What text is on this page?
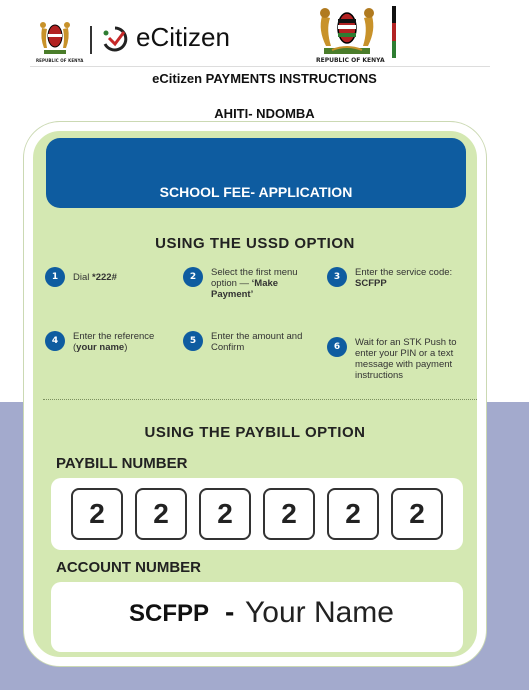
REPUBLIC OF KENYA
eCitizen
REPUBLIC OF KENYA
eCitizen PAYMENTS INSTRUCTIONS
AHITI- NDOMBA
SCHOOL FEE- APPLICATION
USING THE USSD OPTION
1	Dial *222#	2	Select the first menu option — ‘Make Payment’
3	Enter the service code:
SCFPP
4	Enter the reference (your name)
5	Enter the amount and Confirm	6	Wait for an STK Push to enter your PIN or a text message with payment instructions
USING THE PAYBILL OPTION
PAYBILL NUMBER
2	2	2	2	2	2
ACCOUNT NUMBER
SCFPP - Your Name
